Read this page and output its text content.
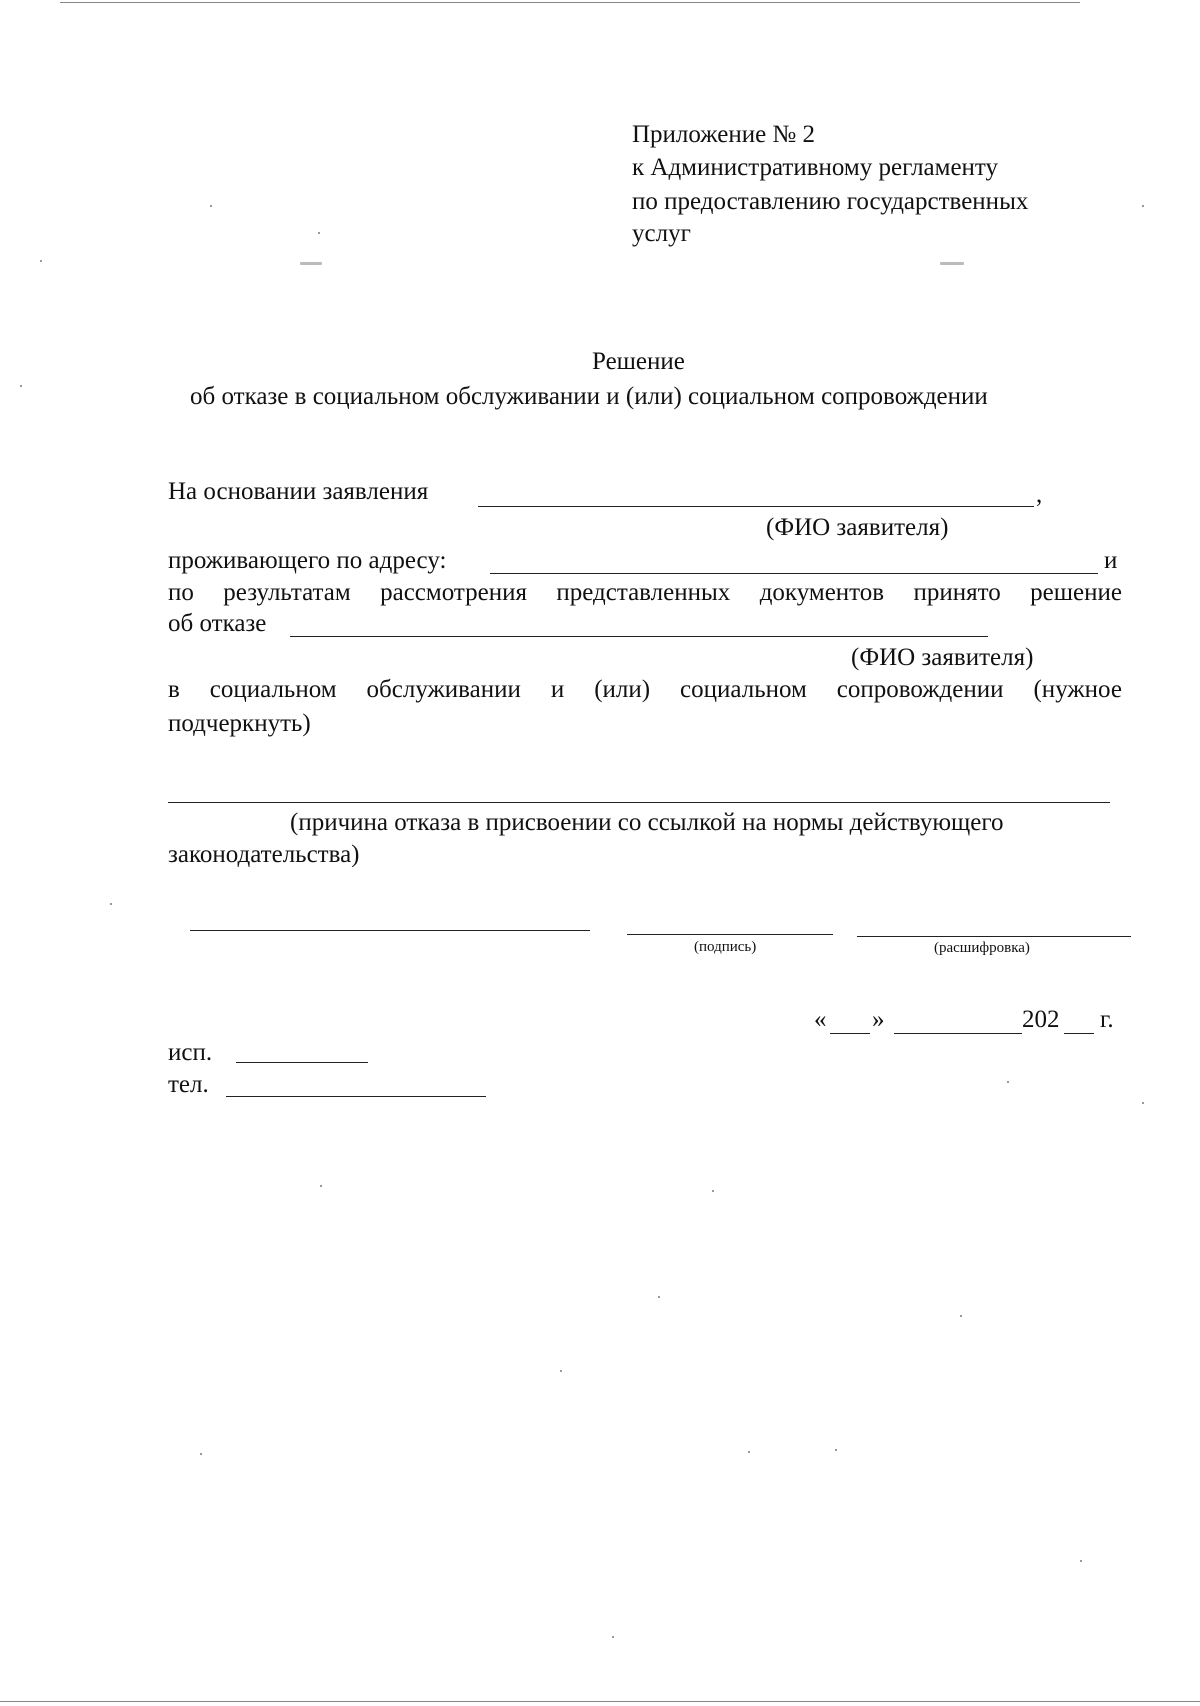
Приложение № 2
к Административному регламенту
по предоставлению государственных
услуг
Решение
об отказе в социальном обслуживании и (или) социальном сопровождении
На основании заявления	,
(ФИО заявителя)
проживающего по адресу:	и
по результатам рассмотрения представленных документов принято решение
об отказе
(ФИО заявителя)
в социальном обслуживании и (или) социальном сопровождении (нужное
подчеркнуть)
(причина отказа в присвоении со ссылкой на нормы действующего
законодательства)
(подпись)	(расшифровка)
« »	202 г.
исп.
тел.
